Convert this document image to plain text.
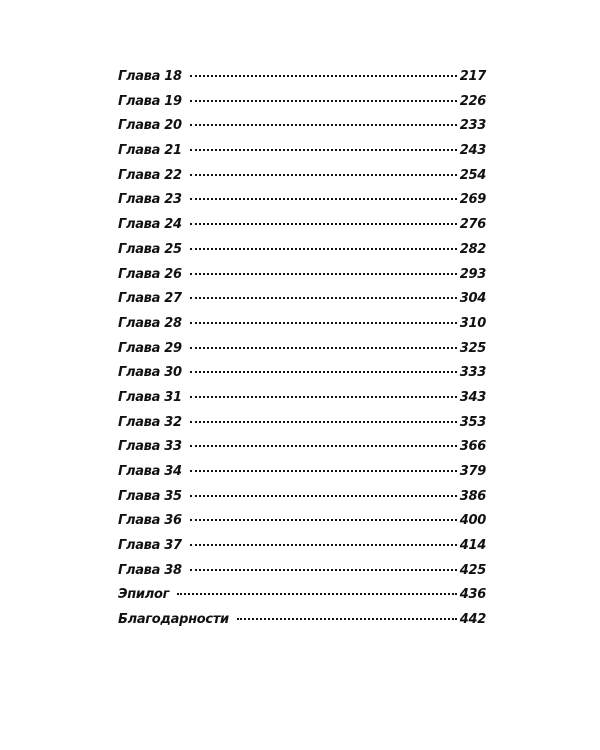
Глава 18	217
Глава 19	226
Глава 20	233
Глава 21	243
Глава 22	254
Глава 23	269
Глава 24	276
Глава 25	282
Глава 26	293
Глава 27	304
Глава 28	310
Глава 29	325
Глава 30	333
Глава 31	343
Глава 32	353
Глава 33	366
Глава 34	379
Глава 35	386
Глава 36	400
Глава 37	414
Глава 38	425
Эпилог	436
Благодарности	442
